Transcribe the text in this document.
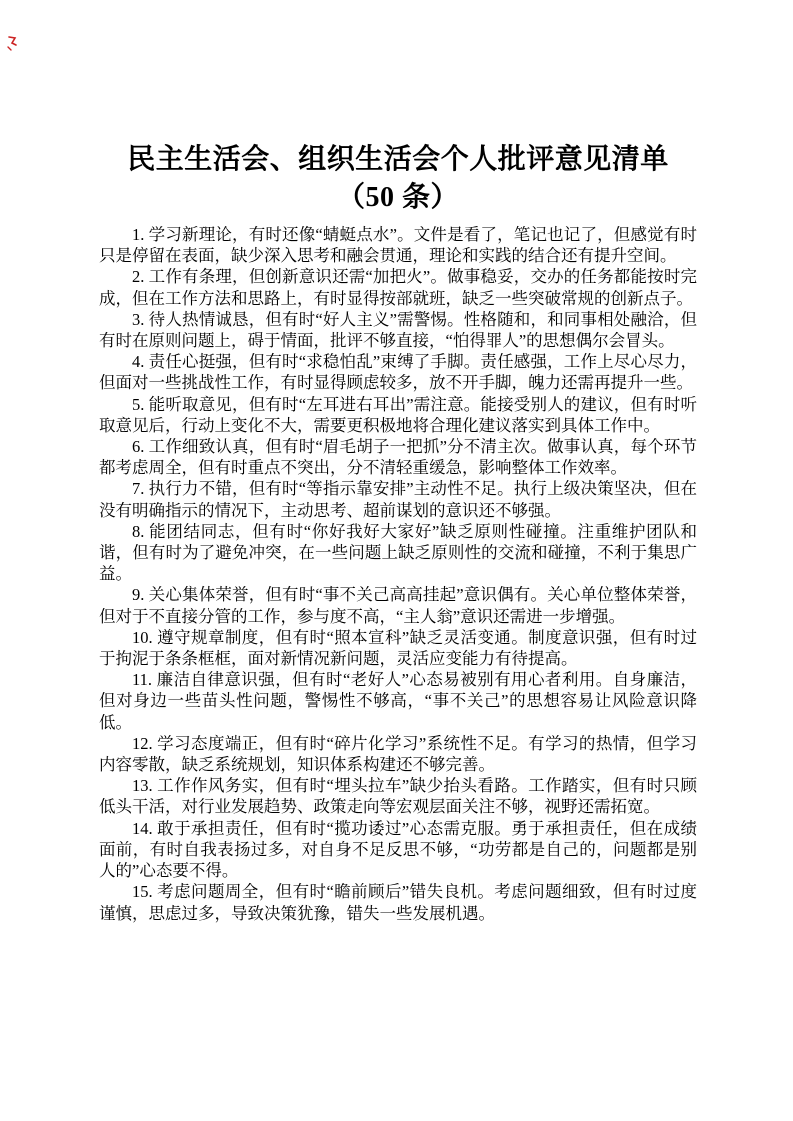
民主生活会、组织生活会个人批评意见清单
（50 条）

1. 学习新理论，有时还像“蜻蜓点水”。文件是看了，笔记也记了，但感觉有时只是停留在表面，缺少深入思考和融会贯通，理论和实践的结合还有提升空间。

2. 工作有条理，但创新意识还需“加把火”。做事稳妥，交办的任务都能按时完成，但在工作方法和思路上，有时显得按部就班，缺乏一些突破常规的创新点子。

3. 待人热情诚恳，但有时“好人主义”需警惕。性格随和，和同事相处融洽，但有时在原则问题上，碍于情面，批评不够直接，“怕得罪人”的思想偶尔会冒头。

4. 责任心挺强，但有时“求稳怕乱”束缚了手脚。责任感强，工作上尽心尽力，但面对一些挑战性工作，有时显得顾虑较多，放不开手脚，魄力还需再提升一些。

5. 能听取意见，但有时“左耳进右耳出”需注意。能接受别人的建议，但有时听取意见后，行动上变化不大，需要更积极地将合理化建议落实到具体工作中。

6. 工作细致认真，但有时“眉毛胡子一把抓”分不清主次。做事认真，每个环节都考虑周全，但有时重点不突出，分不清轻重缓急，影响整体工作效率。

7. 执行力不错，但有时“等指示靠安排”主动性不足。执行上级决策坚决，但在没有明确指示的情况下，主动思考、超前谋划的意识还不够强。

8. 能团结同志，但有时“你好我好大家好”缺乏原则性碰撞。注重维护团队和谐，但有时为了避免冲突，在一些问题上缺乏原则性的交流和碰撞，不利于集思广益。

9. 关心集体荣誉，但有时“事不关己高高挂起”意识偶有。关心单位整体荣誉，但对于不直接分管的工作，参与度不高，“主人翁”意识还需进一步增强。

10. 遵守规章制度，但有时“照本宣科”缺乏灵活变通。制度意识强，但有时过于拘泥于条条框框，面对新情况新问题，灵活应变能力有待提高。

11. 廉洁自律意识强，但有时“老好人”心态易被别有用心者利用。自身廉洁，但对身边一些苗头性问题，警惕性不够高，“事不关己”的思想容易让风险意识降低。

12. 学习态度端正，但有时“碎片化学习”系统性不足。有学习的热情，但学习内容零散，缺乏系统规划，知识体系构建还不够完善。

13. 工作作风务实，但有时“埋头拉车”缺少抬头看路。工作踏实，但有时只顾低头干活，对行业发展趋势、政策走向等宏观层面关注不够，视野还需拓宽。

14. 敢于承担责任，但有时“揽功诿过”心态需克服。勇于承担责任，但在成绩面前，有时自我表扬过多，对自身不足反思不够，“功劳都是自己的，问题都是别人的”心态要不得。

15. 考虑问题周全，但有时“瞻前顾后”错失良机。考虑问题细致，但有时过度谨慎，思虑过多，导致决策犹豫，错失一些发展机遇。
